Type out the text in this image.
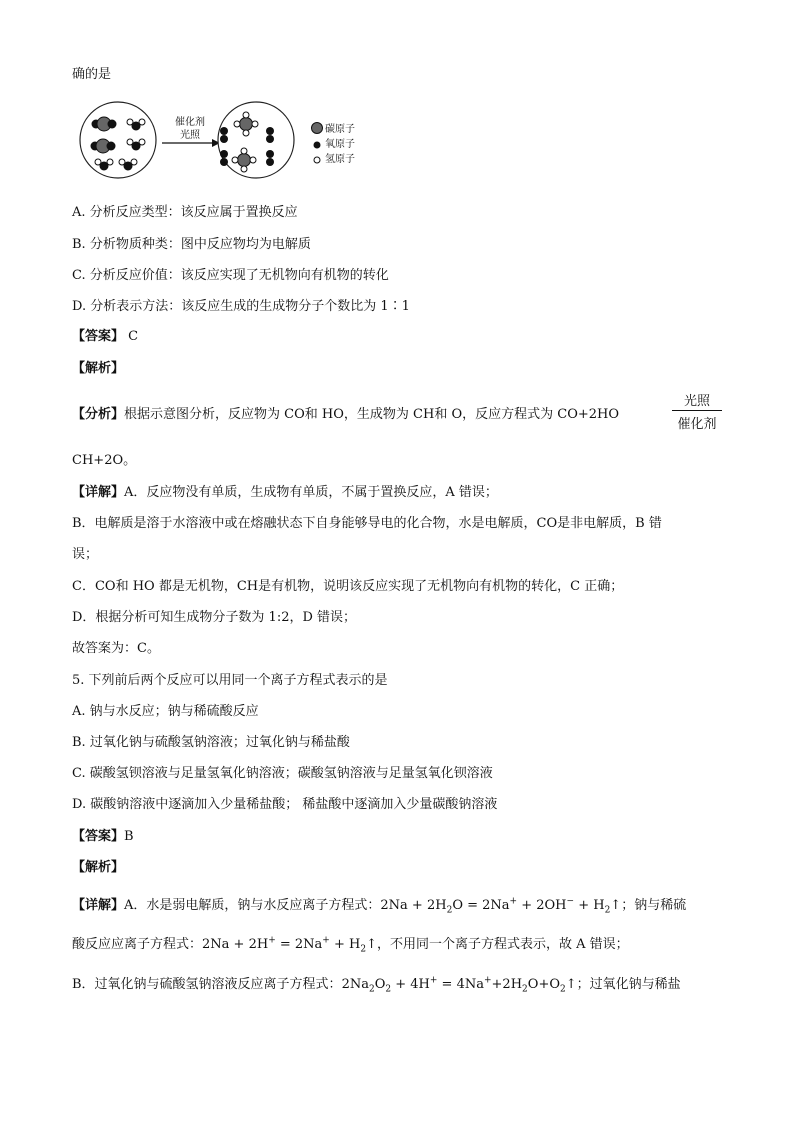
确的是
催化剂
光照
碳原子
氧原子
氢原子
A. 分析反应类型：该反应属于置换反应
B. 分析物质种类：图中反应物均为电解质
C. 分析反应价值：该反应实现了无机物向有机物的转化
D. 分析表示方法：该反应生成的生成物分子个数比为 1∶1
【答案】 C
【解析】
【分析】根据示意图分析，反应物为 CO和 HO，生成物为 CH和 O，反应方程式为 CO+2HO
光照
催化剂
CH+2O。
【详解】A．反应物没有单质，生成物有单质，不属于置换反应，A 错误；
B．电解质是溶于水溶液中或在熔融状态下自身能够导电的化合物，水是电解质，CO是非电解质，B 错
误；
C．CO和 HO 都是无机物，CH是有机物，说明该反应实现了无机物向有机物的转化，C 正确；
D．根据分析可知生成物分子数为 1:2，D 错误；
故答案为：C。
5. 下列前后两个反应可以用同一个离子方程式表示的是
A. 钠与水反应；钠与稀硫酸反应
B. 过氧化钠与硫酸氢钠溶液；过氧化钠与稀盐酸
C. 碳酸氢钡溶液与足量氢氧化钠溶液；碳酸氢钠溶液与足量氢氧化钡溶液
D. 碳酸钠溶液中逐滴加入少量稀盐酸； 稀盐酸中逐滴加入少量碳酸钠溶液
【答案】B
【解析】
【详解】A．水是弱电解质，钠与水反应离子方程式：$2Na + 2H_2O = 2Na^+ + 2OH^-$ + $H_2↑$；钠与稀硫
酸反应应离子方程式：$2Na + 2H^+ = 2Na^+ + H_2↑$，不用同一个离子方程式表示，故 A 错误；
B．过氧化钠与硫酸氢钠溶液反应离子方程式：$2Na_2O_2 + 4H^+$ = $4Na^++2H_2O+O_2↑$；过氧化钠与稀盐
